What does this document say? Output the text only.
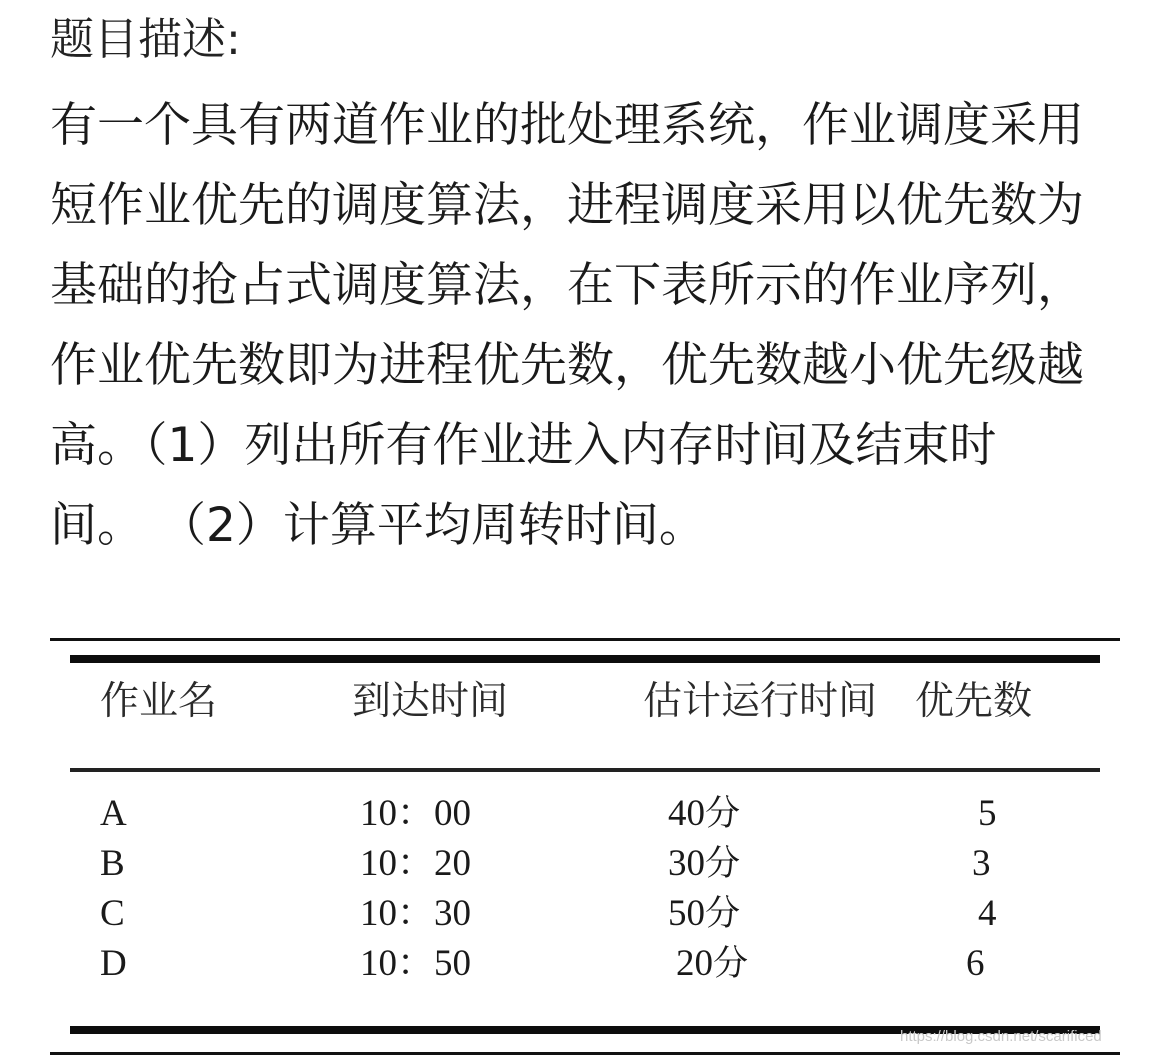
题目描述:
有一个具有两道作业的批处理系统，作业调度采用
短作业优先的调度算法，进程调度采用以优先数为
基础的抢占式调度算法，在下表所示的作业序列，
作业优先数即为进程优先数，优先数越小优先级越
高。（1）列出所有作业进入内存时间及结束时
间。 （2）计算平均周转时间。
作业名	到达时间	估计运行时间 优先数
A	10：00	40分	5
B	10：20	30分	3
C	10：30	50分	4
D	10：50	20分	6
https://blog.csdn.net/scarificed
